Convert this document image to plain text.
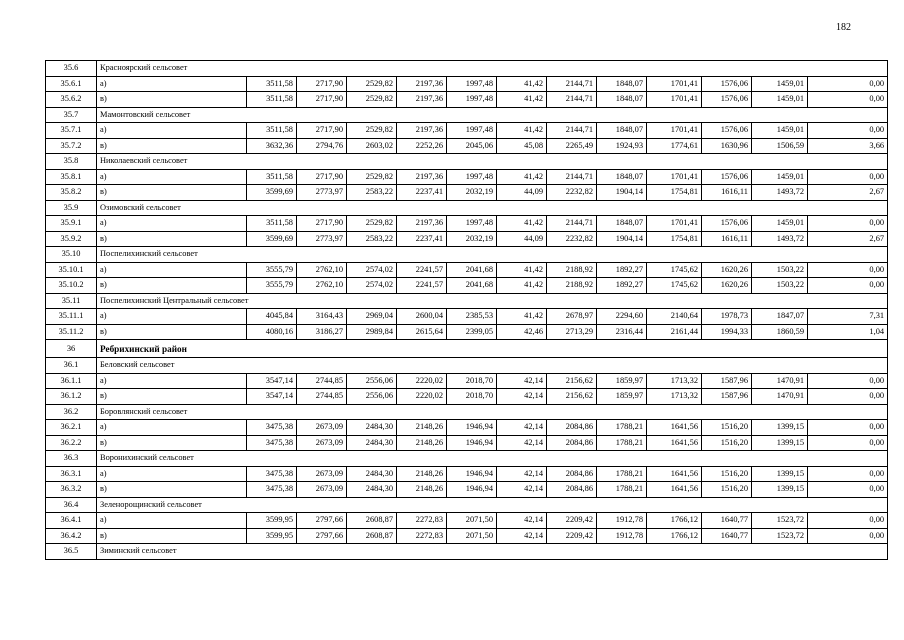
182
35.6	Красноярский сельсовет												
35.6.1	а)	3511,58	2717,90	2529,82	2197,36	1997,48	41,42	2144,71	1848,07	1701,41	1576,06	1459,01	0,00
35.6.2	в)	3511,58	2717,90	2529,82	2197,36	1997,48	41,42	2144,71	1848,07	1701,41	1576,06	1459,01	0,00
35.7	Мамонтовский сельсовет												
35.7.1	а)	3511,58	2717,90	2529,82	2197,36	1997,48	41,42	2144,71	1848,07	1701,41	1576,06	1459,01	0,00
35.7.2	в)	3632,36	2794,76	2603,02	2252,26	2045,06	45,08	2265,49	1924,93	1774,61	1630,96	1506,59	3,66
35.8	Николаевский сельсовет												
35.8.1	а)	3511,58	2717,90	2529,82	2197,36	1997,48	41,42	2144,71	1848,07	1701,41	1576,06	1459,01	0,00
35.8.2	в)	3599,69	2773,97	2583,22	2237,41	2032,19	44,09	2232,82	1904,14	1754,81	1616,11	1493,72	2,67
35.9	Озимовский сельсовет												
35.9.1	а)	3511,58	2717,90	2529,82	2197,36	1997,48	41,42	2144,71	1848,07	1701,41	1576,06	1459,01	0,00
35.9.2	в)	3599,69	2773,97	2583,22	2237,41	2032,19	44,09	2232,82	1904,14	1754,81	1616,11	1493,72	2,67
35.10	Поспелихинский сельсовет												
35.10.1	а)	3555,79	2762,10	2574,02	2241,57	2041,68	41,42	2188,92	1892,27	1745,62	1620,26	1503,22	0,00
35.10.2	в)	3555,79	2762,10	2574,02	2241,57	2041,68	41,42	2188,92	1892,27	1745,62	1620,26	1503,22	0,00
35.11	Поспелихинский Центральный сельсовет												
35.11.1	а)	4045,84	3164,43	2969,04	2600,04	2385,53	41,42	2678,97	2294,60	2140,64	1978,73	1847,07	7,31
35.11.2	в)	4080,16	3186,27	2989,84	2615,64	2399,05	42,46	2713,29	2316,44	2161,44	1994,33	1860,59	1,04
36	Ребрихинский район												
36.1	Беловский сельсовет												
36.1.1	а)	3547,14	2744,85	2556,06	2220,02	2018,70	42,14	2156,62	1859,97	1713,32	1587,96	1470,91	0,00
36.1.2	в)	3547,14	2744,85	2556,06	2220,02	2018,70	42,14	2156,62	1859,97	1713,32	1587,96	1470,91	0,00
36.2	Боровлянский сельсовет												
36.2.1	а)	3475,38	2673,09	2484,30	2148,26	1946,94	42,14	2084,86	1788,21	1641,56	1516,20	1399,15	0,00
36.2.2	в)	3475,38	2673,09	2484,30	2148,26	1946,94	42,14	2084,86	1788,21	1641,56	1516,20	1399,15	0,00
36.3	Воронихинский сельсовет												
36.3.1	а)	3475,38	2673,09	2484,30	2148,26	1946,94	42,14	2084,86	1788,21	1641,56	1516,20	1399,15	0,00
36.3.2	в)	3475,38	2673,09	2484,30	2148,26	1946,94	42,14	2084,86	1788,21	1641,56	1516,20	1399,15	0,00
36.4	Зеленорощинский сельсовет												
36.4.1	а)	3599,95	2797,66	2608,87	2272,83	2071,50	42,14	2209,42	1912,78	1766,12	1640,77	1523,72	0,00
36.4.2	в)	3599,95	2797,66	2608,87	2272,83	2071,50	42,14	2209,42	1912,78	1766,12	1640,77	1523,72	0,00
36.5	Зиминский сельсовет												
